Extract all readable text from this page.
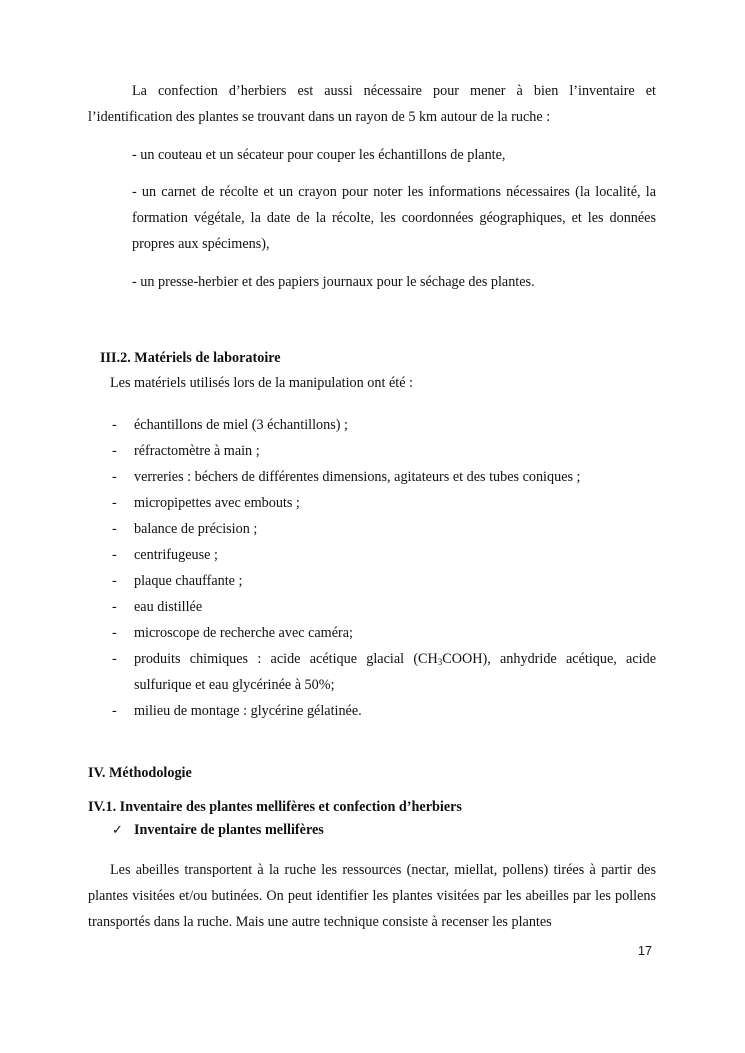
La confection d’herbiers est aussi nécessaire pour mener à bien l’inventaire et l’identification des plantes se trouvant dans un rayon de 5 km autour de la ruche :

- un couteau et un sécateur pour couper les échantillons de plante,

- un carnet de récolte et un crayon pour noter les informations nécessaires (la localité, la formation végétale, la date de la récolte, les coordonnées géographiques, et les données propres aux spécimens),

- un presse-herbier et des papiers journaux pour le séchage des plantes.

III.2. Matériels de laboratoire

Les matériels utilisés lors de la manipulation ont été :

- échantillons de miel (3 échantillons) ;
- réfractomètre à main ;
- verreries : béchers de différentes dimensions, agitateurs et des tubes coniques ;
- micropipettes avec embouts ;
- balance de précision ;
- centrifugeuse ;
- plaque chauffante ;
- eau distillée
- microscope de recherche avec caméra;
- produits chimiques : acide acétique glacial $(CH_3COOH)$, anhydride acétique, acide sulfurique et eau glycérinée à 50%;
- milieu de montage : glycérine gélatinée.
IV. Méthodologie
IV.1. Inventaire des plantes mellifères et confection d’herbiers
✓ Inventaire de plantes mellifères

Les abeilles transportent à la ruche les ressources (nectar, miellat, pollens) tirées à partir des plantes visitées et/ou butinées. On peut identifier les plantes visitées par les abeilles par les pollens transportés dans la ruche. Mais une autre technique consiste à recenser les plantes

17
